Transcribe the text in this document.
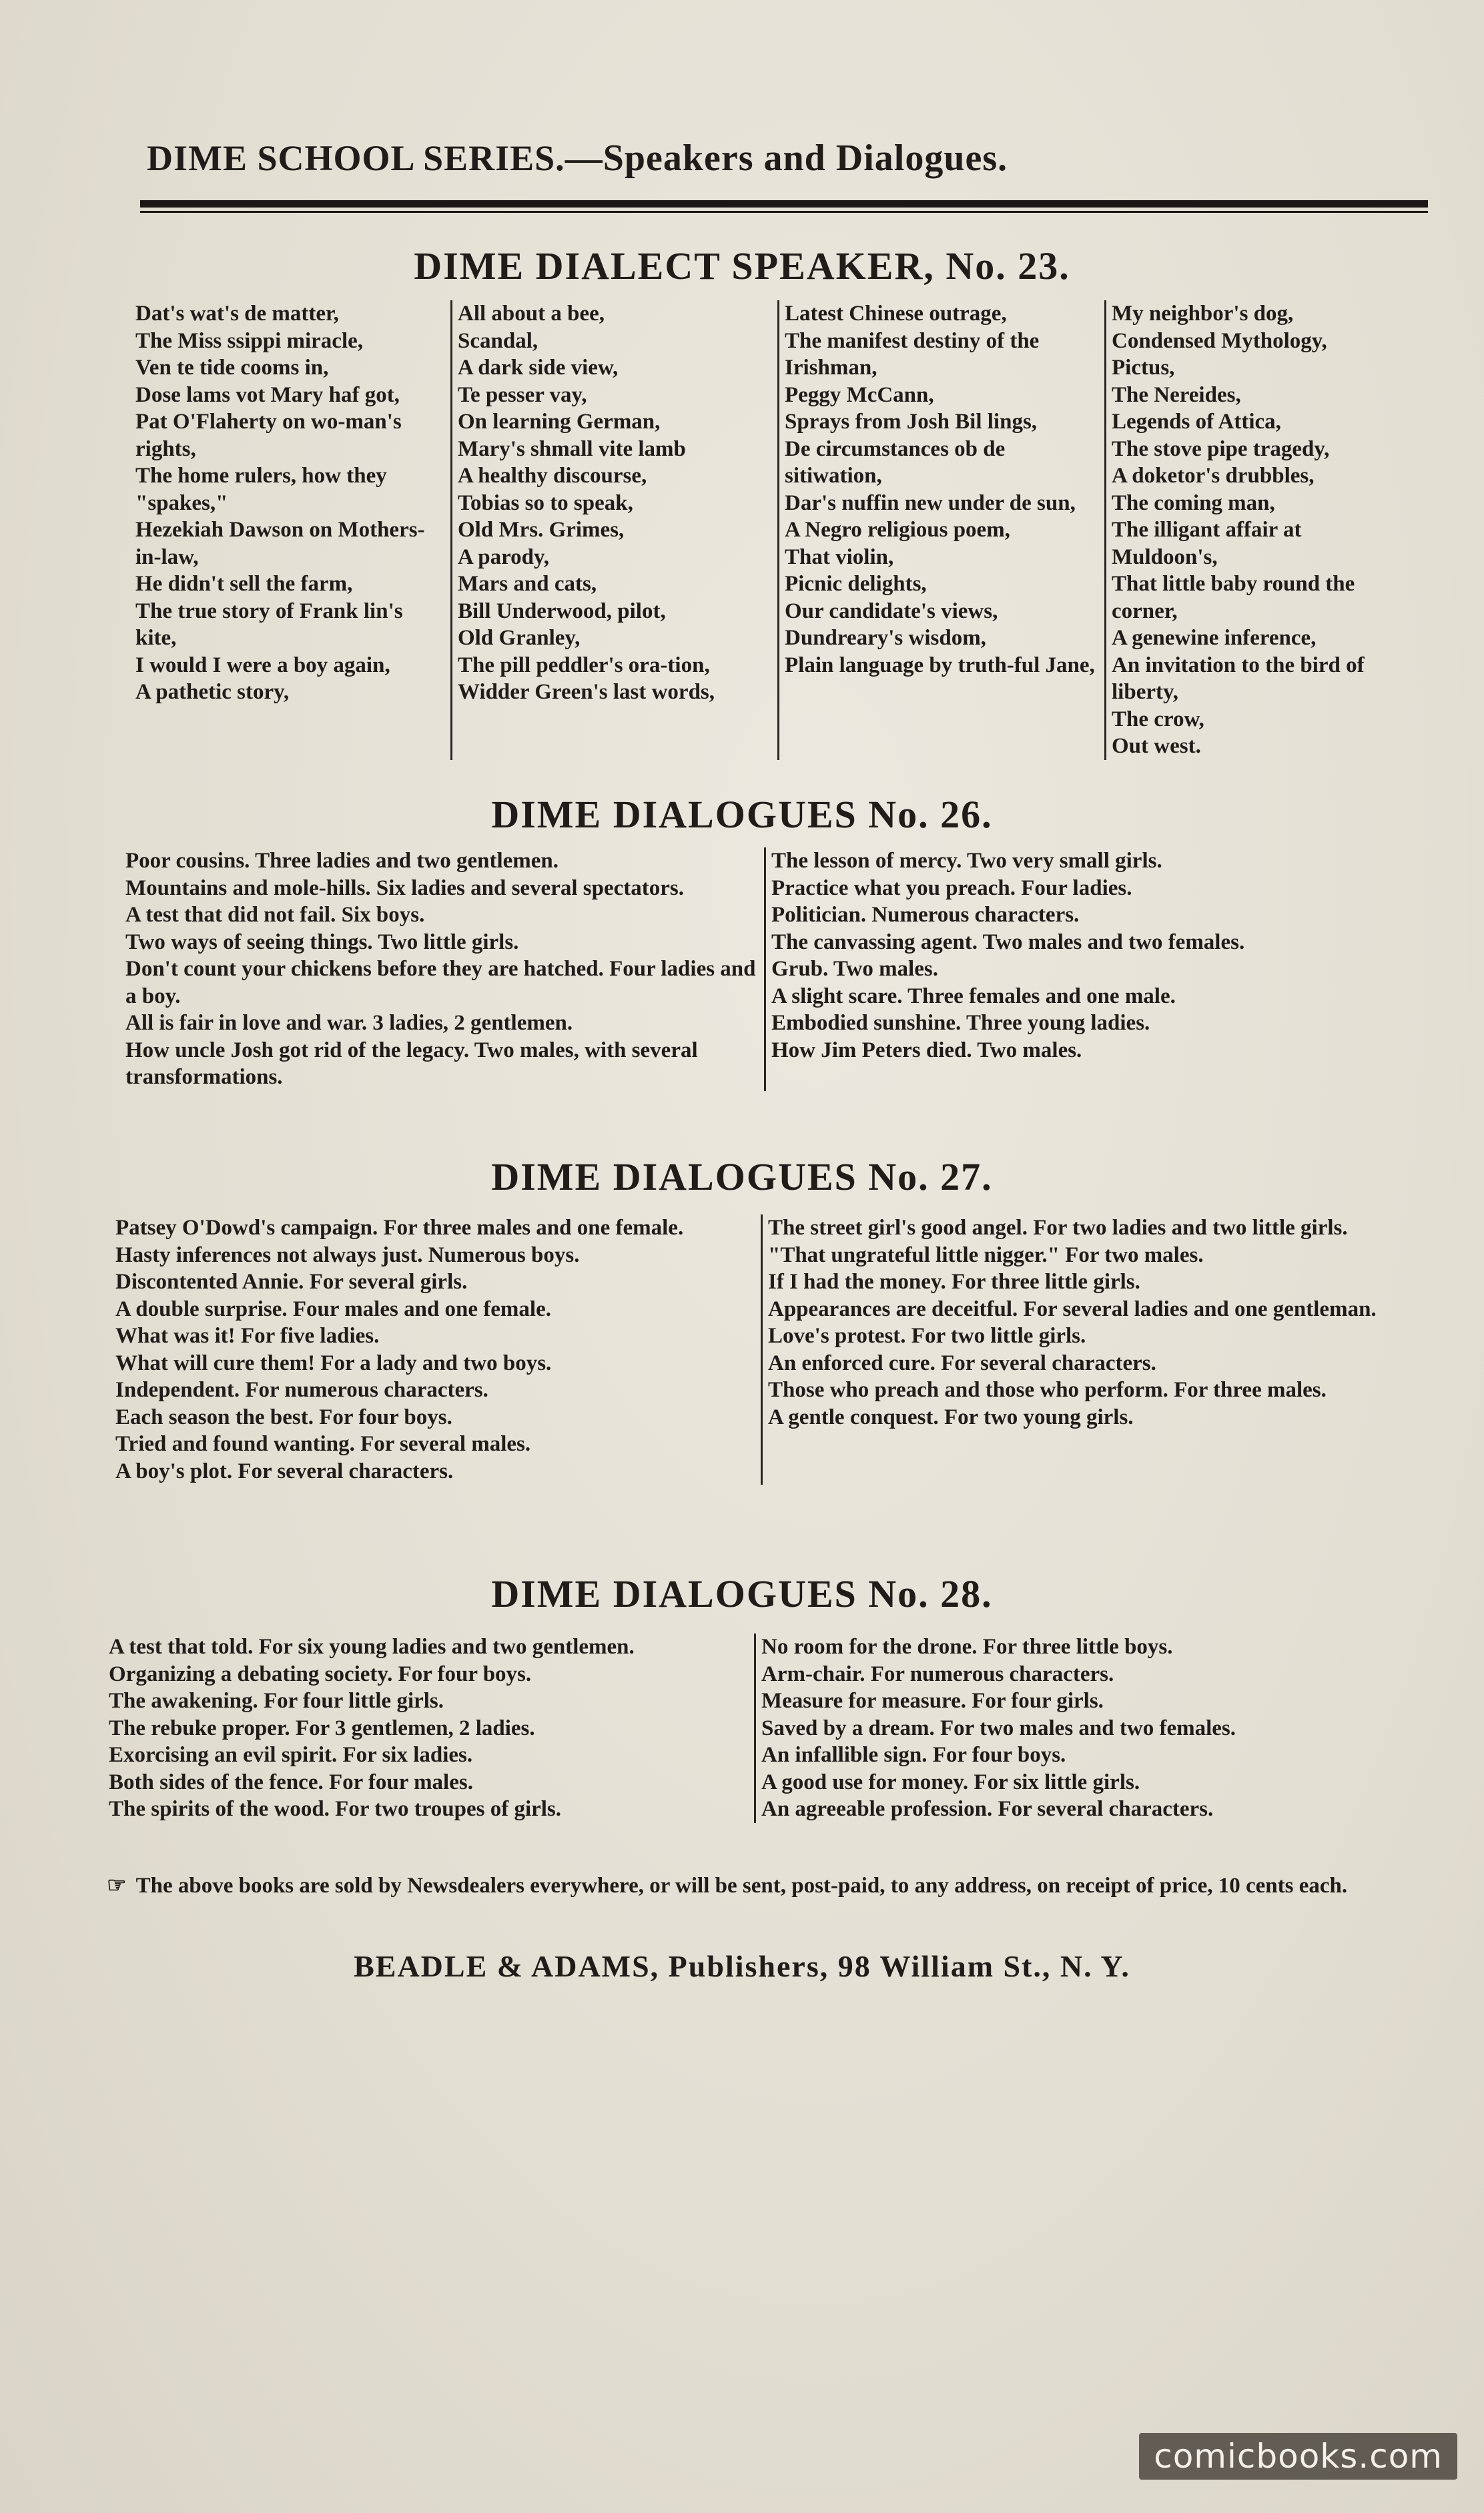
DIME SCHOOL SERIES.—Speakers and Dialogues.
DIME DIALECT SPEAKER, No. 23.
Dat's wat's de matter,
The Miss ssippi miracle,
Ven te tide cooms in,
Dose lams vot Mary haf got,
Pat O'Flaherty on wo-man's rights,
The home rulers, how they "spakes,"
Hezekiah Dawson on Mothers-in-law,
He didn't sell the farm,
The true story of Frank lin's kite,
I would I were a boy again,
A pathetic story,
All about a bee,
Scandal,
A dark side view,
Te pesser vay,
On learning German,
Mary's shmall vite lamb
A healthy discourse,
Tobias so to speak,
Old Mrs. Grimes,
A parody,
Mars and cats,
Bill Underwood, pilot,
Old Granley,
The pill peddler's ora-tion,
Widder Green's last words,
Latest Chinese outrage,
The manifest destiny of the Irishman,
Peggy McCann,
Sprays from Josh Bil lings,
De circumstances ob de sitiwation,
Dar's nuffin new under de sun,
A Negro religious poem,
That violin,
Picnic delights,
Our candidate's views,
Dundreary's wisdom,
Plain language by truth-ful Jane,
My neighbor's dog,
Condensed Mythology,
Pictus,
The Nereides,
Legends of Attica,
The stove pipe tragedy,
A doketor's drubbles,
The coming man,
The illigant affair at Muldoon's,
That little baby round the corner,
A genewine inference,
An invitation to the bird of liberty,
The crow,
Out west.
DIME DIALOGUES No. 26.
Poor cousins. Three ladies and two gentlemen.
Mountains and mole-hills. Six ladies and several spectators.
A test that did not fail. Six boys.
Two ways of seeing things. Two little girls.
Don't count your chickens before they are hatched. Four ladies and a boy.
All is fair in love and war. 3 ladies, 2 gentlemen.
How uncle Josh got rid of the legacy. Two males, with several transformations.
The lesson of mercy. Two very small girls.
Practice what you preach. Four ladies.
Politician. Numerous characters.
The canvassing agent. Two males and two females.
Grub. Two males.
A slight scare. Three females and one male.
Embodied sunshine. Three young ladies.
How Jim Peters died. Two males.
DIME DIALOGUES No. 27.
Patsey O'Dowd's campaign. For three males and one female.
Hasty inferences not always just. Numerous boys.
Discontented Annie. For several girls.
A double surprise. Four males and one female.
What was it! For five ladies.
What will cure them! For a lady and two boys.
Independent. For numerous characters.
Each season the best. For four boys.
Tried and found wanting. For several males.
A boy's plot. For several characters.
The street girl's good angel. For two ladies and two little girls.
"That ungrateful little nigger." For two males.
If I had the money. For three little girls.
Appearances are deceitful. For several ladies and one gentleman.
Love's protest. For two little girls.
An enforced cure. For several characters.
Those who preach and those who perform. For three males.
A gentle conquest. For two young girls.
DIME DIALOGUES No. 28.
A test that told. For six young ladies and two gentlemen.
Organizing a debating society. For four boys.
The awakening. For four little girls.
The rebuke proper. For 3 gentlemen, 2 ladies.
Exorcising an evil spirit. For six ladies.
Both sides of the fence. For four males.
The spirits of the wood. For two troupes of girls.
No room for the drone. For three little boys.
Arm-chair. For numerous characters.
Measure for measure. For four girls.
Saved by a dream. For two males and two females.
An infallible sign. For four boys.
A good use for money. For six little girls.
An agreeable profession. For several characters.
☞ The above books are sold by Newsdealers everywhere, or will be sent, post-paid, to any address, on receipt of price, 10 cents each.
BEADLE & ADAMS, Publishers, 98 William St., N. Y.
comicbooks.com
